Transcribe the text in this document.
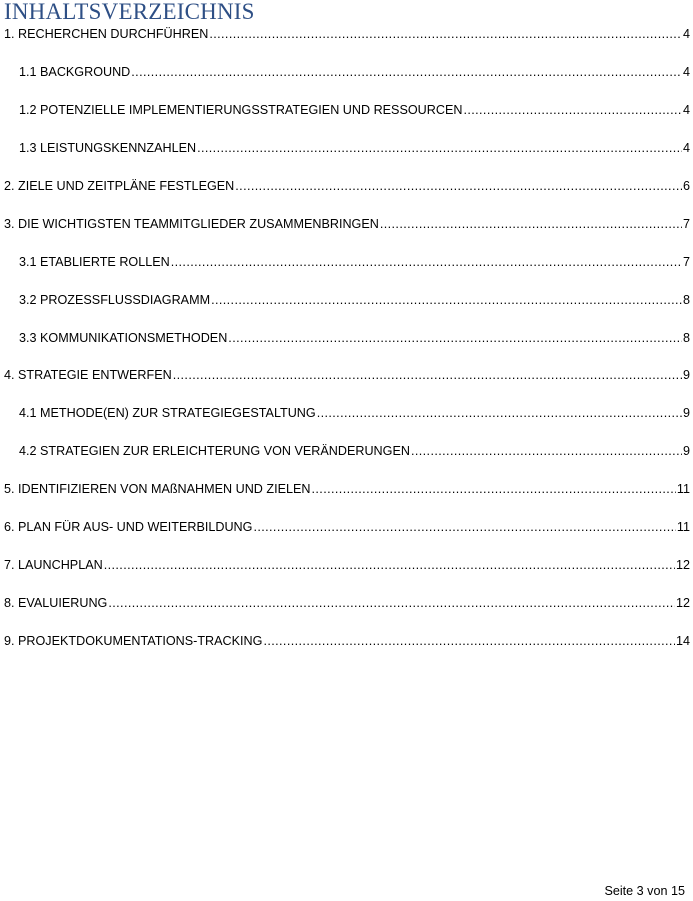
INHALTSVERZEICHNIS
1. RECHERCHEN DURCHFÜHREN .....	4
1.1 BACKGROUND .....	4
1.2 POTENZIELLE IMPLEMENTIERUNGSSTRATEGIEN UND RESSOURCEN .....	4
1.3 LEISTUNGSKENNZAHLEN .....	4
2. ZIELE UND ZEITPLÄNE FESTLEGEN .....	6
3. DIE WICHTIGSTEN TEAMMITGLIEDER ZUSAMMENBRINGEN .....	7
3.1 ETABLIERTE ROLLEN .....	7
3.2 PROZESSFLUSSDIAGRAMM .....	8
3.3 KOMMUNIKATIONSMETHODEN .....	8
4. STRATEGIE ENTWERFEN .....	9
4.1 METHODE(EN) ZUR STRATEGIEGESTALTUNG .....	9
4.2 STRATEGIEN ZUR ERLEICHTERUNG VON VERÄNDERUNGEN .....	9
5. IDENTIFIZIEREN VON MAßNAHMEN UND ZIELEN .....	11
6. PLAN FÜR AUS- UND WEITERBILDUNG .....	11
7. LAUNCHPLAN .....	12
8. EVALUIERUNG .....	12
9. PROJEKTDOKUMENTATIONS-TRACKING .....	14
Seite 3 von 15
